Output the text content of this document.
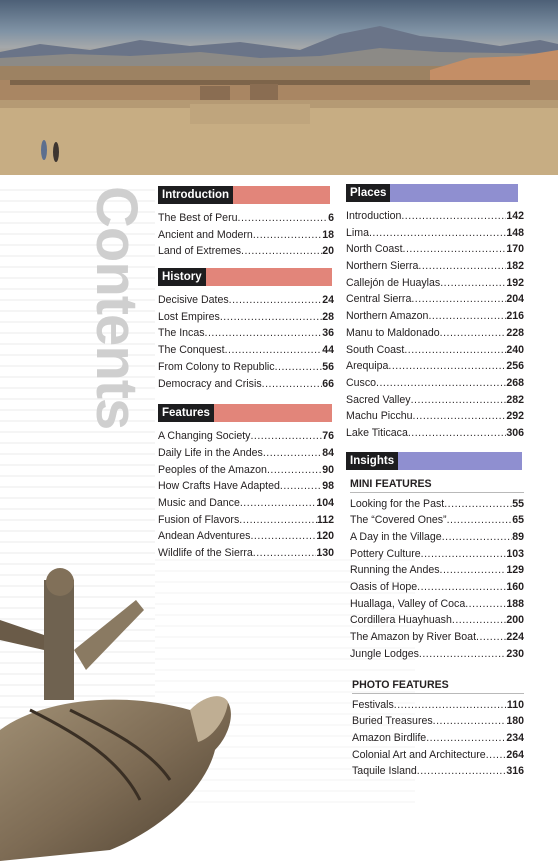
Contents	Introduction
The Best of Peru .....	6
Ancient and Modern .....	18
Land of Extremes .....	20
History
Decisive Dates .....	24
Lost Empires .....	28
The Incas .....	36
The Conquest .....	44
From Colony to Republic .....	56
Democracy and Crisis .....	66
Features
A Changing Society .....	76
Daily Life in the Andes .....	84
Peoples of the Amazon .....	90
How Crafts Have Adapted .....	98
Music and Dance .....	104
Fusion of Flavors .....	112
Andean Adventures .....	120
Wildlife of the Sierra .....	130
Places
Introduction .....	142
Lima .....	148
North Coast .....	170
Northern Sierra .....	182
Callejón de Huaylas .....	192
Central Sierra .....	204
Northern Amazon .....	216
Manu to Maldonado .....	228
South Coast .....	240
Arequipa .....	256
Cusco .....	268
Sacred Valley .....	282
Machu Picchu .....	292
Lake Titicaca .....	306
Insights
MINI FEATURES
Looking for the Past .....	55
The “Covered Ones” .....	65
A Day in the Village .....	89
Pottery Culture .....	103
Running the Andes .....	129
Oasis of Hope .....	160
Huallaga, Valley of Coca .....	188
Cordillera Huayhuash .....	200
The Amazon by River Boat .....	224
Jungle Lodges .....	230
PHOTO FEATURES
Festivals .....	110
Buried Treasures .....	180
Amazon Birdlife .....	234
Colonial Art and Architecture ..... 264
Taquile Island .....	316
